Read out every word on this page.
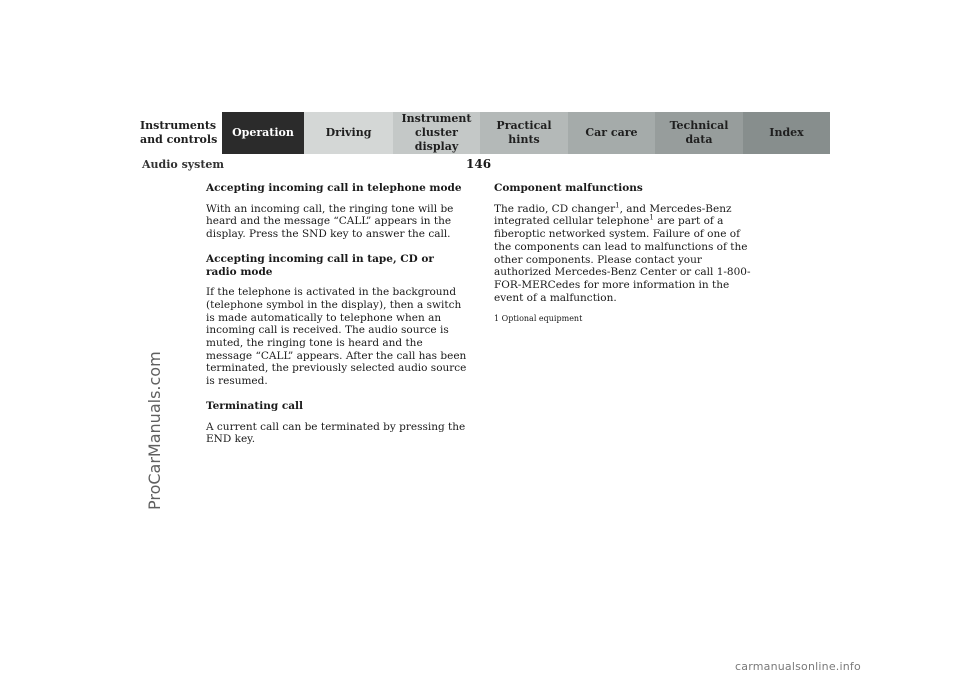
Instruments
and controls
Operation	Driving
Instrument
cluster display
Practical hints
Car care
Technical
data
Index
Audio system	146
ProCarManuals.com
Accepting incoming call in telephone mode

With an incoming call, the ringing tone will be heard and the message “CALL” appears in the display. Press the SND key to answer the call.

Accepting incoming call in tape, CD or radio mode

If the telephone is activated in the background (telephone symbol in the display), then a switch is made automatically to telephone when an incoming call is received. The audio source is muted, the ringing tone is heard and the message “CALL” appears. After the call has been terminated, the previously selected audio source is resumed.

Terminating call

A current call can be terminated by pressing the END key.

Component malfunctions

The radio, CD changer$^1$, and Mercedes-Benz integrated cellular telephone$^1$ are part of a fiberoptic networked system. Failure of one of the components can lead to malfunctions of the other components. Please contact your authorized Mercedes-Benz Center or call 1-800-FOR-MERCedes for more information in the event of a malfunction.

1 Optional equipment

carmanualsonline.info
